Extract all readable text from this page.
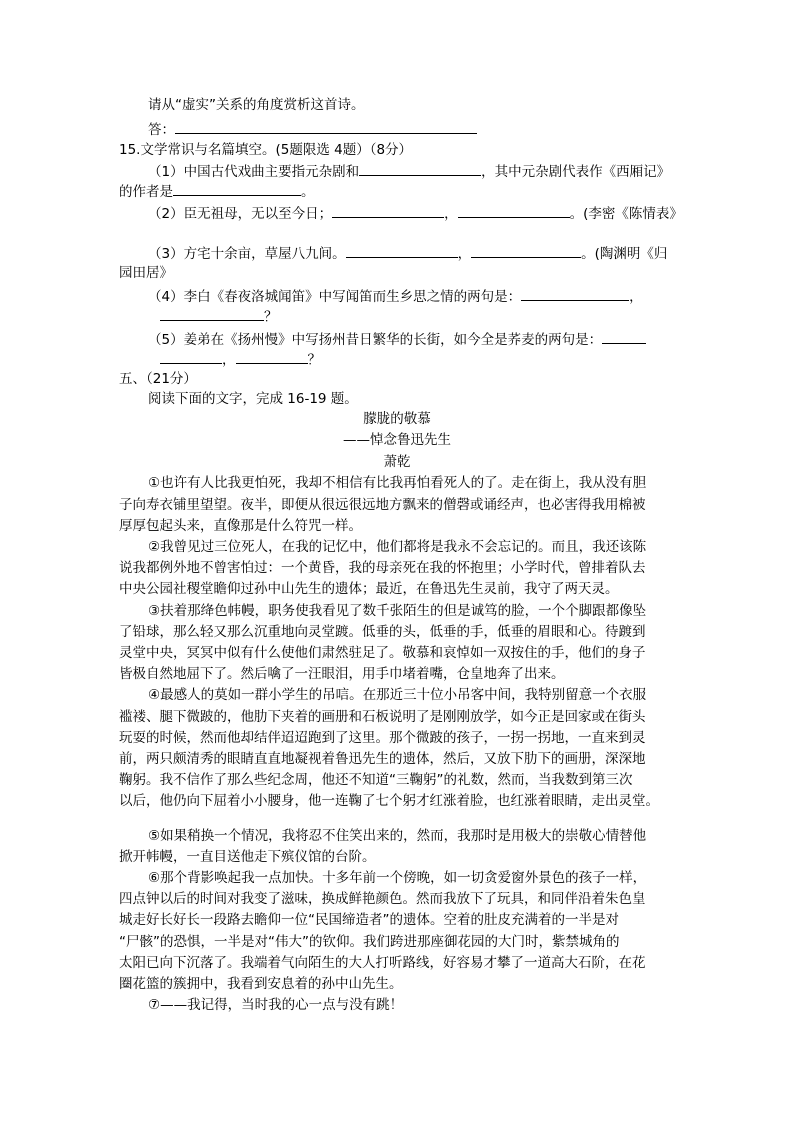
请从“虚实”关系的角度赏析这首诗。
答：
15.文学常识与名篇填空。(5题限选 4题）（8分）
（1）中国古代戏曲主要指元杂剧和	，其中元杂剧代表作《西厢记》
的作者是	。
（2）臣无祖母，无以至今日；	，	。(李密《陈情表》
（3）方宅十余亩，草屋八九间。	，	。(陶渊明《归
园田居》
（4）李白《春夜洛城闻笛》中写闻笛而生乡思之情的两句是：	，
？
（5）姜弟在《扬州慢》中写扬州昔日繁华的长街，如今全是荞麦的两句是：
，	？
五、（21分）
阅读下面的文字，完成 16-19 题。
朦胧的敬慕
——悼念鲁迅先生
萧乾
①也许有人比我更怕死，我却不相信有比我再怕看死人的了。走在街上，我从没有胆
子向寿衣铺里望望。夜半，即便从很远很远地方飘来的僧磬或诵经声，也必害得我用棉被
厚厚包起头来，直像那是什么符咒一样。
②我曾见过三位死人，在我的记忆中，他们都将是我永不会忘记的。而且，我还该陈
说我都例外地不曾害怕过：一个黄昏，我的母亲死在我的怀抱里；小学时代，曾排着队去
中央公园社稷堂瞻仰过孙中山先生的遗体；最近，在鲁迅先生灵前，我守了两天灵。
③扶着那绛色帏幔，职务使我看见了数千张陌生的但是诚笃的脸，一个个脚跟都像坠
了铅球，那么轻又那么沉重地向灵堂踱。低垂的头，低垂的手，低垂的眉眼和心。待踱到
灵堂中央，冥冥中似有什么使他们肃然驻足了。敬慕和哀悼如一双按住的手，他们的身子
皆极自然地屈下了。然后噙了一汪眼泪，用手巾堵着嘴，仓皇地奔了出来。
④最感人的莫如一群小学生的吊唁。在那近三十位小吊客中间，我特别留意一个衣服
褴褛、腿下微跛的，他肋下夹着的画册和石板说明了是刚刚放学，如今正是回家或在街头
玩耍的时候，然而他却结伴迢迢跑到了这里。那个微跛的孩子，一拐一拐地，一直来到灵
前，两只颇清秀的眼睛直直地凝视着鲁迅先生的遗体，然后，又放下肋下的画册，深深地
鞠躬。我不信作了那么些纪念周，他还不知道“三鞠躬”的礼数，然而，当我数到第三次
以后，他仍向下屈着小小腰身，他一连鞠了七个躬才红涨着脸，也红涨着眼睛，走出灵堂。
⑤如果稍换一个情况，我将忍不住笑出来的，然而，我那时是用极大的崇敬心情替他
掀开帏幔，一直目送他走下殡仪馆的台阶。
⑥那个背影唤起我一点加快。十多年前一个傍晚，如一切贪爱窗外景色的孩子一样，
四点钟以后的时间对我变了滋味，换成鲜艳颜色。然而我放下了玩具，和同伴沿着朱色皇
城走好长好长一段路去瞻仰一位“民国缔造者”的遗体。空着的肚皮充满着的一半是对
“尸骸”的恐惧，一半是对“伟大”的钦仰。我们跨进那座御花园的大门时，紫禁城角的
太阳已向下沉落了。我端着气向陌生的大人打听路线，好容易才攀了一道高大石阶，在花
圈花篮的簇拥中，我看到安息着的孙中山先生。
⑦——我记得，当时我的心一点与没有跳！
